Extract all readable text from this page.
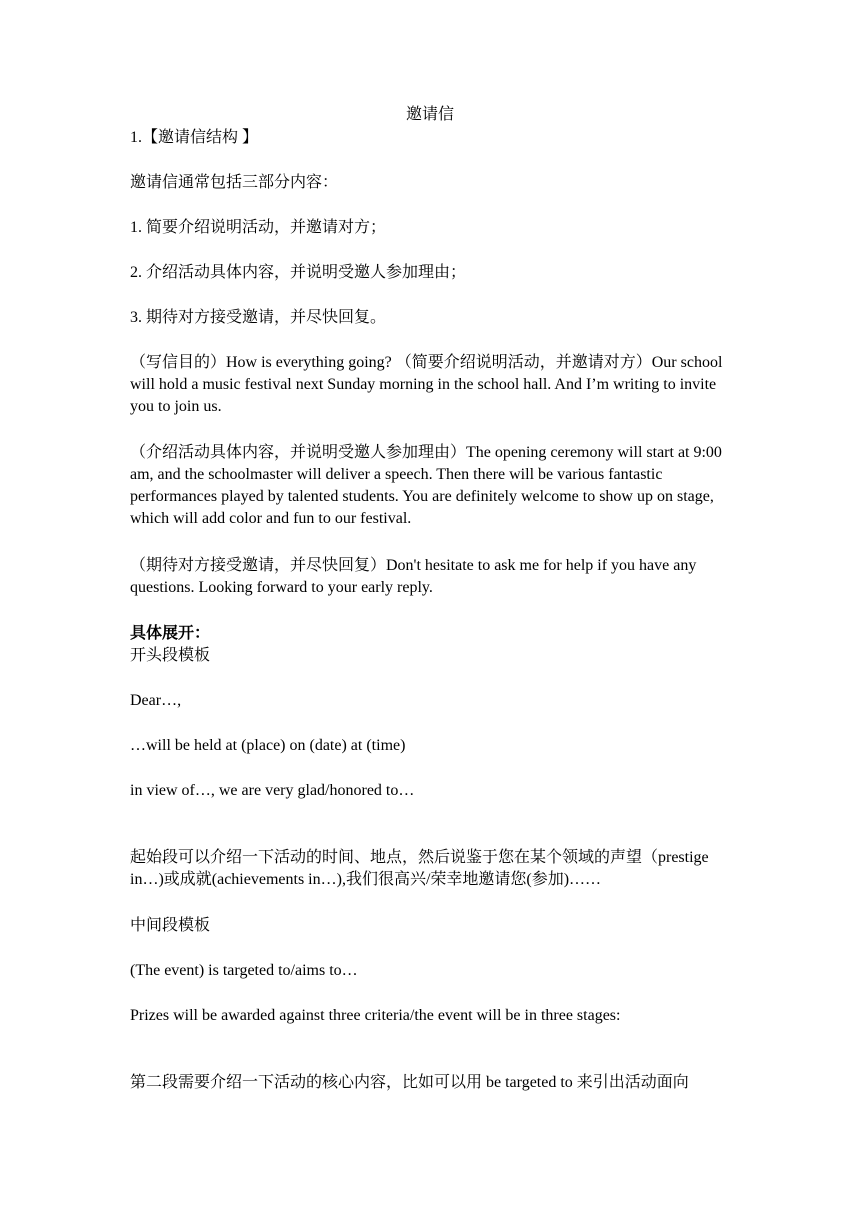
邀请信
1.【邀请信结构 】
邀请信通常包括三部分内容：
1. 简要介绍说明活动，并邀请对方；
2. 介绍活动具体内容，并说明受邀人参加理由；
3. 期待对方接受邀请，并尽快回复。
（写信目的）How is everything going? （简要介绍说明活动，并邀请对方）Our school will hold a music festival next Sunday morning in the school hall. And I’m writing to invite you to join us.
（介绍活动具体内容，并说明受邀人参加理由）The opening ceremony will start at 9:00 am, and the schoolmaster will deliver a speech. Then there will be various fantastic performances played by talented students. You are definitely welcome to show up on stage, which will add color and fun to our festival.
（期待对方接受邀请，并尽快回复）Don't hesitate to ask me for help if you have any questions. Looking forward to your early reply.
具体展开：
开头段模板
Dear…,
…will be held at (place) on (date) at (time)
in view of…, we are very glad/honored to…
起始段可以介绍一下活动的时间、地点，然后说鉴于您在某个领域的声望（prestige in…)或成就(achievements in…),我们很高兴/荣幸地邀请您(参加)……
中间段模板
(The event) is targeted to/aims to…
Prizes will be awarded against three criteria/the event will be in three stages:
第二段需要介绍一下活动的核心内容，比如可以用 be targeted to 来引出活动面向
